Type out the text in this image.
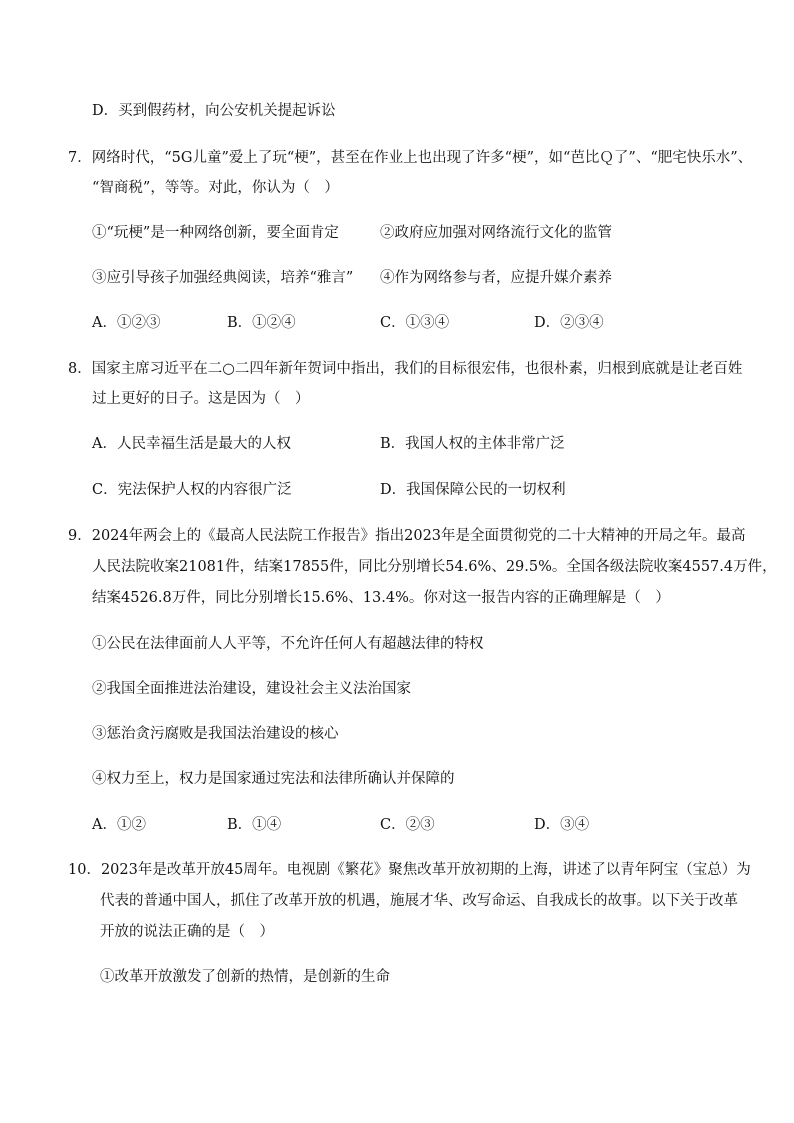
D．买到假药材，向公安机关提起诉讼
7．网络时代，“5G儿童”爱上了玩“梗”，甚至在作业上也出现了许多“梗”，如“芭比Ｑ了”、“肥宅快乐水”、
“智商税”，等等。对此，你认为（　）
①“玩梗”是一种网络创新，要全面肯定	②政府应加强对网络流行文化的监管
③应引导孩子加强经典阅读，培养“雅言” ④作为网络参与者，应提升媒介素养
A．①②③	B．①②④	C．①③④	D．②③④
8．国家主席习近平在二○二四年新年贺词中指出，我们的目标很宏伟，也很朴素，归根到底就是让老百姓
过上更好的日子。这是因为（　）
A．人民幸福生活是最大的人权	B．我国人权的主体非常广泛
C．宪法保护人权的内容很广泛	D．我国保障公民的一切权利
9．2024年两会上的《最高人民法院工作报告》指出2023年是全面贯彻党的二十大精神的开局之年。最高
人民法院收案21081件，结案17855件，同比分别增长54.6%、29.5%。全国各级法院收案4557.4万件，
结案4526.8万件，同比分别增长15.6%、13.4%。你对这一报告内容的正确理解是（　）
①公民在法律面前人人平等，不允许任何人有超越法律的特权
②我国全面推进法治建设，建设社会主义法治国家
③惩治贪污腐败是我国法治建设的核心
④权力至上，权力是国家通过宪法和法律所确认并保障的
A．①②	B．①④	C．②③	D．③④
10．2023年是改革开放45周年。电视剧《繁花》聚焦改革开放初期的上海，讲述了以青年阿宝（宝总）为
代表的普通中国人，抓住了改革开放的机遇，施展才华、改写命运、自我成长的故事。以下关于改革
开放的说法正确的是（　）
①改革开放激发了创新的热情，是创新的生命
